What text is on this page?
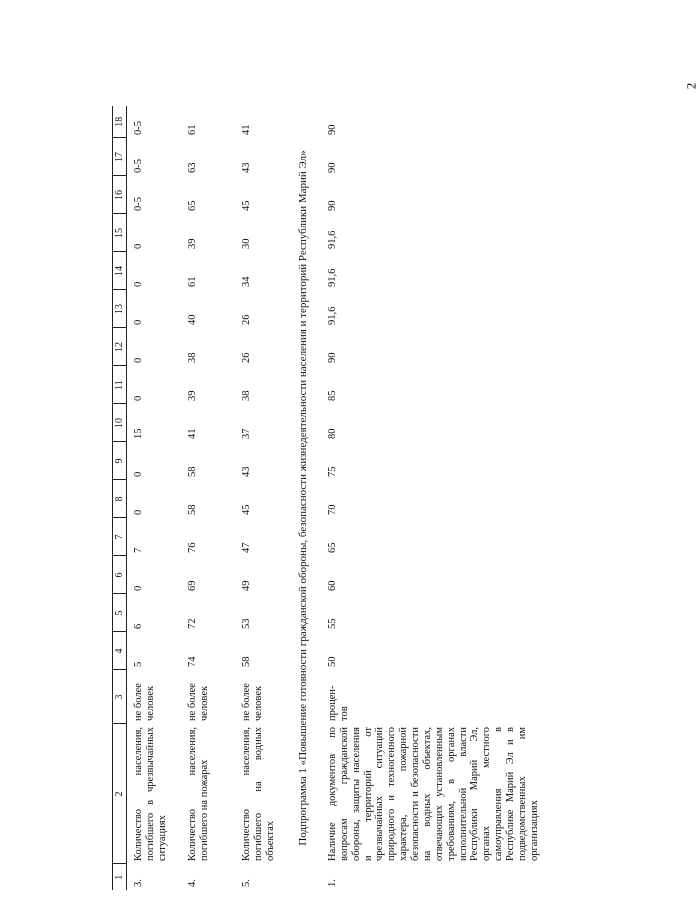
2
1	2	3	4	5	6	7	8	9	10	11	12	13	14	15	16	17	18
3.	Количество населения, погибшего в чрезвычайных ситуациях	не более человек	5	6	0	7	0	0	15	0	0	0	0	0	0-5	0-5	0-5
4.	Количество населения, погибшего на пожарах	не более человек	74	72	69	76	58	58	41	39	38	40	61	39	65	63	61
5.	Количество населения, погибшего на водных объектах	не более человек	58	53	49	47	45	43	37	38	26	26	34	30	45	43	41
Подпрограмма 1 «Повышение готовности гражданской обороны, безопасности жизнедеятельности населения и территорий Республики Марий Эл»																	
1.	Наличие документов по вопросам гражданской обороны, защиты населения и территорий от чрезвычайных ситуаций природного и техногенного характера, пожарной безопасности и безопасности на водных объектах, отвечающих установленным требованиям, в органах исполнительной власти Республики Марий Эл, органах местного самоуправления в Республике Марий Эл и в подведомственных им организациях	процен-тов	50	55	60	65	70	75	80	85	90	91,6	91,6	91,6	90	90	90
